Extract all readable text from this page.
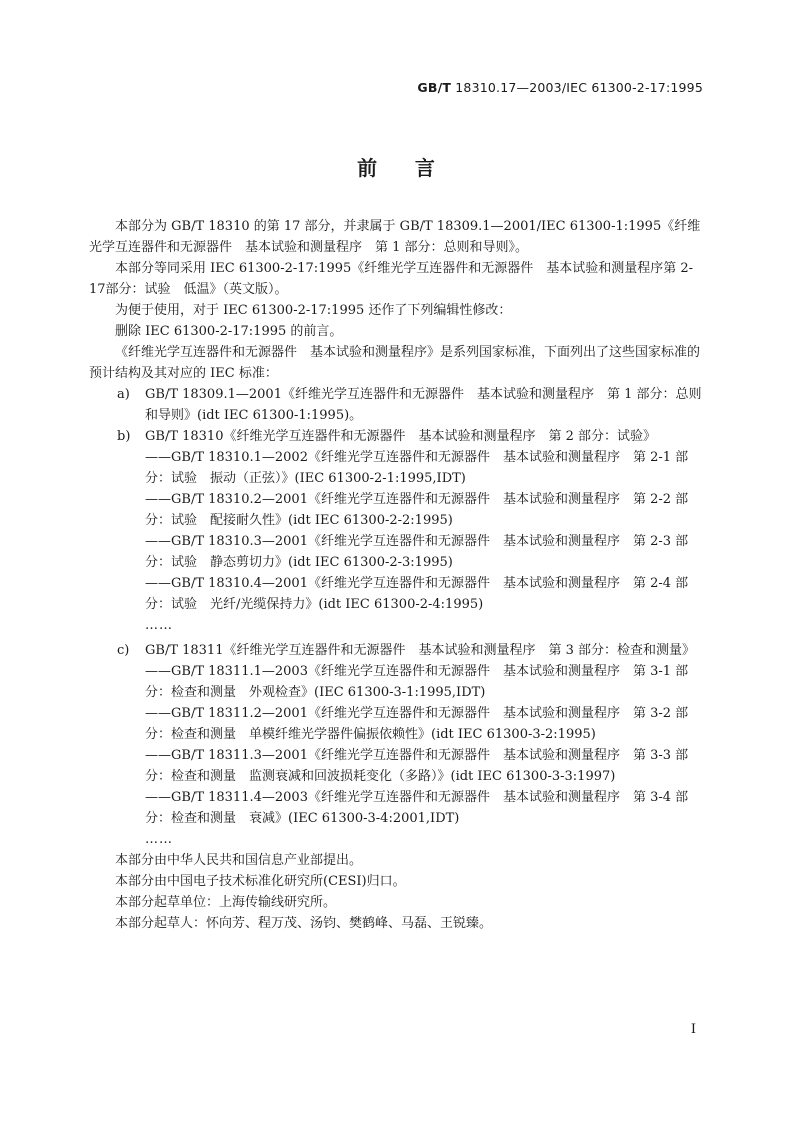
GB/T 18310.17—2003/IEC 61300-2-17:1995
前    言

本部分为 GB/T 18310 的第 17 部分，并隶属于 GB/T 18309.1—2001/IEC 61300-1:1995《纤维光学互连器件和无源器件　基本试验和测量程序　第 1 部分：总则和导则》。

本部分等同采用 IEC 61300-2-17:1995《纤维光学互连器件和无源器件　基本试验和测量程序第 2-17部分：试验　低温》（英文版）。

为便于使用，对于 IEC 61300-2-17:1995 还作了下列编辑性修改：

删除 IEC 61300-2-17:1995 的前言。

《纤维光学互连器件和无源器件　基本试验和测量程序》是系列国家标准，下面列出了这些国家标准的预计结构及其对应的 IEC 标准：

a) GB/T 18309.1—2001《纤维光学互连器件和无源器件　基本试验和测量程序　第 1 部分：总则和导则》(idt IEC 61300-1:1995)。
b) GB/T 18310《纤维光学互连器件和无源器件　基本试验和测量程序　第 2 部分：试验》

——GB/T 18310.1—2002《纤维光学互连器件和无源器件　基本试验和测量程序　第 2-1 部分：试验　振动（正弦）》(IEC 61300-2-1:1995,IDT)

——GB/T 18310.2—2001《纤维光学互连器件和无源器件　基本试验和测量程序　第 2-2 部分：试验　配接耐久性》(idt IEC 61300-2-2:1995)

——GB/T 18310.3—2001《纤维光学互连器件和无源器件　基本试验和测量程序　第 2-3 部分：试验　静态剪切力》(idt IEC 61300-2-3:1995)

——GB/T 18310.4—2001《纤维光学互连器件和无源器件　基本试验和测量程序　第 2-4 部分：试验　光纤/光缆保持力》(idt IEC 61300-2-4:1995)

……

c) GB/T 18311《纤维光学互连器件和无源器件　基本试验和测量程序　第 3 部分：检查和测量》

——GB/T 18311.1—2003《纤维光学互连器件和无源器件　基本试验和测量程序　第 3-1 部分：检查和测量　外观检查》(IEC 61300-3-1:1995,IDT)

——GB/T 18311.2—2001《纤维光学互连器件和无源器件　基本试验和测量程序　第 3-2 部分：检查和测量　单模纤维光学器件偏振依赖性》(idt IEC 61300-3-2:1995)

——GB/T 18311.3—2001《纤维光学互连器件和无源器件　基本试验和测量程序　第 3-3 部分：检查和测量　监测衰减和回波损耗变化（多路）》(idt IEC 61300-3-3:1997)

——GB/T 18311.4—2003《纤维光学互连器件和无源器件　基本试验和测量程序　第 3-4 部分：检查和测量　衰减》(IEC 61300-3-4:2001,IDT)

……

本部分由中华人民共和国信息产业部提出。

本部分由中国电子技术标准化研究所(CESI)归口。

本部分起草单位：上海传输线研究所。

本部分起草人：怀向芳、程万茂、汤钧、樊鹤峰、马磊、王锐臻。

I
